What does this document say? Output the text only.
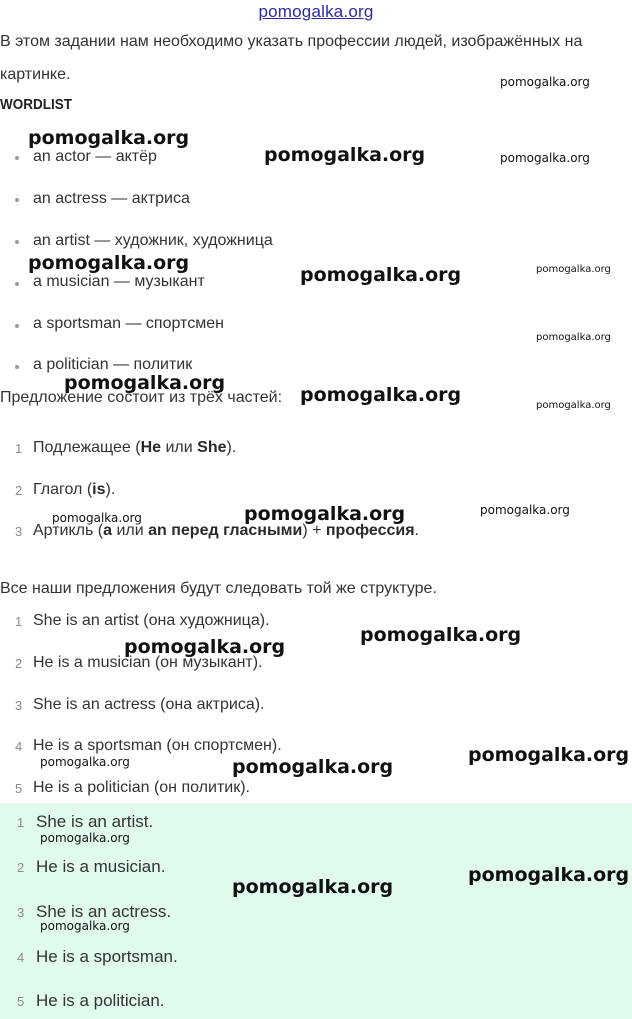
pomogalka.org
В этом задании нам необходимо указать профессии людей, изображённых на
картинке.
WORDLIST
an actor — актёр
an actress — актриса
an artist — художник, художница
a musician — музыкант
a sportsman — спортсмен
a politician — политик
Предложение состоит из трёх частей:
1 Подлежащее (He или She).
2 Глагол (is).
3 Артикль (a или an перед гласными) + профессия.
Все наши предложения будут следовать той же структуре.
1 She is an artist (она художница).
2 He is a musician (он музыкант).
3 She is an actress (она актриса).
4 He is a sportsman (он спортсмен).
5 He is a politician (он политик).
1 She is an artist.
2 He is a musician.
3 She is an actress.
4 He is a sportsman.
5 He is a politician.
pomogalka.org
pomogalka.org
pomogalka.org	pomogalka.org
pomogalka.org	pomogalka.org
pomogalka.org
pomogalka.org
pomogalka.org
pomogalka.org	pomogalka.org
pomogalka.org
pomogalka.org
pomogalka.org
pomogalka.org
pomogalka.org
pomogalka.org
pomogalka.org	pomogalka.org
pomogalka.org
pomogalka.org
pomogalka.org
pomogalka.org
